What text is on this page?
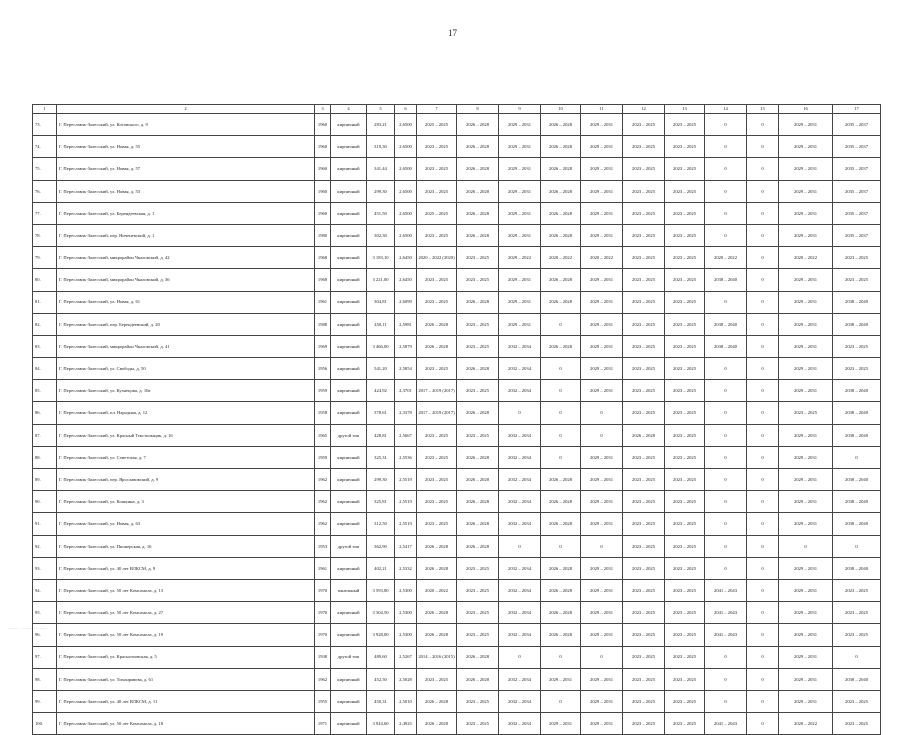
17
1	2	3	4	5	6	7	8	9	10	11	12	13	14	15	16	17
73.	Г. Переславль-Залесский, ул. Котовского, д. 9	1960	кирпичный	283,21	2,6500	2025 – 2025	2026 – 2028	2029 – 2031	2026 – 2028	2029 – 2031	2023 – 2025	2023 – 2025	0	0	2029 – 2031	2035 – 2037
74.	Г. Переславль-Залесский, ул. Новая, д. 55	1960	кирпичный	319,30	2,6500	2023 – 2025	2026 – 2028	2029 – 2031	2026 – 2028	2029 – 2031	2023 – 2025	2023 – 2025	0	0	2029 – 2031	2035 – 2037
75.	Г. Переславль-Залесский, ул. Новая, д. 57	1960	кирпичный	341,44	2,6500	2023 – 2025	2026 – 2028	2029 – 2031	2026 – 2028	2029 – 2031	2023 – 2025	2023 – 2025	0	0	2029 – 2031	2035 – 2037
76.	Г. Переславль-Залесский, ул. Новая, д. 53	1960	кирпичный	299,30	2,6500	2023 – 2025	2026 – 2028	2029 – 2031	2026 – 2028	2029 – 2031	2023 – 2025	2023 – 2025	0	0	2029 – 2031	2035 – 2037
77.	Г. Переславль-Залесский, ул. Берендеевская, д. 1	1960	кирпичный	451,50	2,6500	2025 – 2025	2026 – 2028	2029 – 2031	2026 – 2028	2029 – 2031	2023 – 2025	2023 – 2025	0	0	2029 – 2031	2035 – 2037
78.	Г. Переславль-Залесский, пер. Ниченевский, д. 1	1980	кирпичный	302,30	2,6500	2023 – 2025	2026 – 2028	2029 – 2031	2026 – 2028	2029 – 2031	2023 – 2025	2023 – 2025	0	0	2029 – 2031	2035 – 2037
79.	Г. Переславль-Залесский, микрорайон Чкаловский, д. 42	1968	кирпичный	3 183,10	2,6450	2020 – 2022 (2020)	2023 – 2025	2029 – 2022	2020 – 2022	2020 – 2022	2023 – 2025	2023 – 2025	2020 – 2022	0	2020 – 2022	2023 – 2025
80.	Г. Переславль-Залесский, микрорайон Чкаловский, д. 36	1968	кирпичный	3 221,00	2,6450	2023 – 2025	2023 – 2025	2029 – 2031	2026 – 2028	2029 – 2031	2023 – 2025	2023 – 2025	2038 – 2040	0	2029 – 2031	2023 – 2025
81.	Г. Переславль-Залесский, ул. Новая, д. 61	1961	кирпичный	304,81	2,6099	2023 – 2025	2026 – 2028	2029 – 2031	2026 – 2028	2029 – 2031	2023 – 2025	2023 – 2025	0	0	2029 – 2031	2038 – 2040
82.	Г. Переславль-Залесский, пер. Берендеевский, д. 20	1988	кирпичный	450,11	2,5981	2026 – 2028	2023 – 2025	2029 – 2031	0	2029 – 2031	2023 – 2025	2023 – 2025	2038 – 2040	0	2029 – 2031	2038 – 2040
83.	Г. Переславль-Залесский, микрорайон Чкаловский, д. 41	1969	кирпичный	3 466,00	2,5879	2026 – 2028	2023 – 2025	2032 – 2034	2026 – 2028	2029 – 2031	2023 – 2025	2023 – 2025	2038 – 2040	0	2029 – 2031	2023 – 2025
84.	Г. Переславль-Залесский, ул. Свободы, д. 50	1956	кирпичный	541,20	2,5854	2023 – 2025	2026 – 2028	2032 – 2034	0	2029 – 2031	2023 – 2025	2023 – 2025	0	0	2029 – 2031	2023 – 2025
85.	Г. Переславль-Залесский, ул. Кузнецова, д. 10а	1959	кирпичный	424,92	2,3701	2017 – 2019 (2017)	2023 – 2025	2032 – 2034	0	2029 – 2031	2023 – 2025	2023 – 2025	0	0	2029 – 2031	2038 – 2040
86.	Г. Переславль-Залесский, пл. Народная, д. 12	1958	кирпичный	378,61	2,3378	2017 – 2019 (2017)	2026 – 2028	0	0	0	2023 – 2025	2023 – 2025	0	0	2023 – 2025	2038 – 2040
87.	Г. Переславль-Залесский, ул. Красный Текстильщик, д. 16	1965	другой тип	428,81	2,5667	2023 – 2025	2023 – 2025	2032 – 2034	0	0	2026 – 2028	2023 – 2025	0	0	2029 – 2031	2038 – 2040
88.	Г. Переславль-Залесский, ул. Советская, д. 7	1959	кирпичный	325,31	2,5536	2023 – 2025	2026 – 2028	2032 – 2034	0	2029 – 2031	2023 – 2025	2023 – 2025	0	0	2029 – 2031	0
89.	Г. Переславль-Залесский, пер. Ярославовский, д. 9	1962	кирпичный	299,30	2,5519	2023 – 2025	2026 – 2028	2032 – 2034	2026 – 2028	2029 – 2031	2023 – 2025	2023 – 2025	0	0	2029 – 2031	2038 – 2040
90.	Г. Переславль-Залесский, ул. Кошкина, д. 3	1962	кирпичный	325,81	2,5519	2023 – 2025	2026 – 2028	2032 – 2034	2026 – 2028	2029 – 2031	2023 – 2025	2023 – 2025	0	0	2029 – 2031	2038 – 2040
91.	Г. Переславль-Залесский, ул. Новая, д. 63	1962	кирпичный	312,50	2,5519	2023 – 2025	2026 – 2028	2032 – 2034	2026 – 2028	2029 – 2031	2023 – 2025	2023 – 2025	0	0	2029 – 2031	2038 – 2040
92.	Г. Переславль-Залесский, ул. Пионерская, д. 16	1953	другой тип	362,90	2,5417	2026 – 2028	2026 – 2028	0	0	0	2023 – 2025	2023 – 2025	0	0	0	0
93.	Г. Переславль-Залесский, ул. 40 лет ВЛКСМ, д. 9	1961	кирпичный	402,21	2,5332	2026 – 2028	2023 – 2025	2032 – 2034	2026 – 2028	2029 – 2031	2023 – 2025	2023 – 2025	0	0	2029 – 2031	2038 – 2040
94.	Г. Переславль-Залесский, ул. 50 лет Комсомола, д. 13	1970	панельный	3 593,80	2,5300	2020 – 2022	2023 – 2025	2032 – 2034	2026 – 2028	2029 – 2031	2023 – 2025	2023 – 2025	2041 – 2043	0	2029 – 2031	2023 – 2025
95.	Г. Переславль-Залесский, ул. 50 лет Комсомола, д. 27	1970	кирпичный	3 304,50	2,5300	2026 – 2028	2023 – 2025	2032 – 2034	2026 – 2028	2029 – 2031	2023 – 2025	2023 – 2025	2041 – 2043	0	2029 – 2031	2023 – 2025
96.	Г. Переславль-Залесский, ул. 50 лет Комсомола, д. 19	1970	кирпичный	3 928,00	2,5300	2026 – 2028	2023 – 2025	2032 – 2034	2026 – 2028	2029 – 2031	2023 – 2025	2023 – 2025	2041 – 2043	0	2029 – 2031	2023 – 2025
97.	Г. Переславль-Залесский, ул. Красноэховская, д. 5	1938	другой тип	489,60	2,5267	2014 – 2016 (2015)	2026 – 2028	0	0	0	2023 – 2025	2023 – 2025	0	0	2029 – 2031	0
98.	Г. Переславль-Залесский, ул. Тихонравова, д. 61	1962	кирпичный	452,50	2,5028	2023 – 2025	2026 – 2028	2032 – 2034	2029 – 2031	2029 – 2031	2023 – 2025	2023 – 2025	0	0	2029 – 2031	2038 – 2040
99.	Г. Переславль-Залесский, ул. 40 лет ВЛКСМ, д. 11	1955	кирпичный	450,31	2,5010	2026 – 2028	2023 – 2025	2032 – 2034	0	2029 – 2031	2023 – 2025	2023 – 2025	0	0	2029 – 2031	2023 – 2025
100.	Г. Переславль-Залесский, ул. 50 лет Комсомола, д. 18	1971	кирпичный	3 944,60	2,4925	2026 – 2028	2023 – 2025	2032 – 2034	2029 – 2031	2029 – 2031	2023 – 2025	2023 – 2025	2041 – 2043	0	2020 – 2022	2023 – 2025
∙∙∙∙∙∙ ∙∙∙∙∙∙∙∙∙∙∙∙∙∙
